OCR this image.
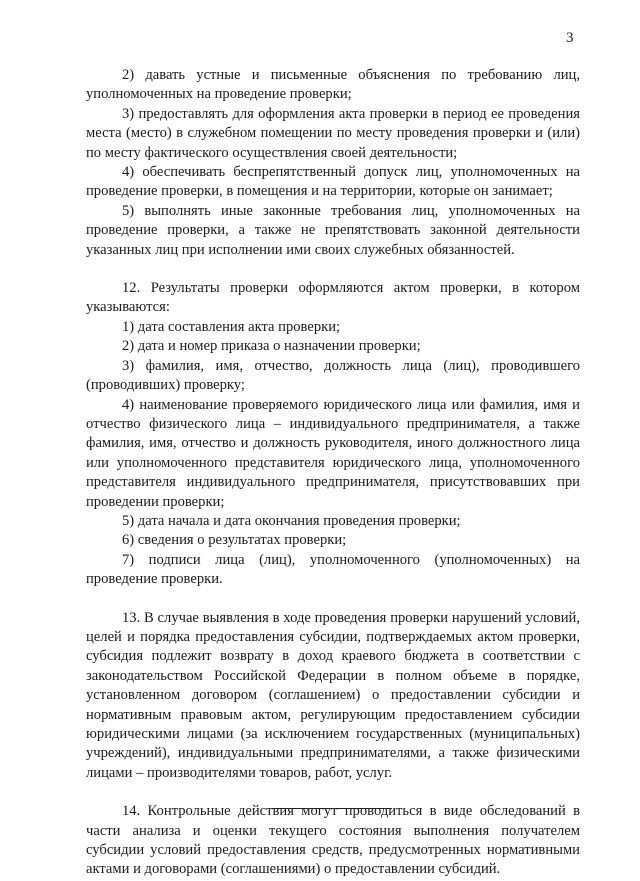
3

2) давать устные и письменные объяснения по требованию лиц, уполномоченных на проведение проверки;

3) предоставлять для оформления акта проверки в период ее проведения места (место) в служебном помещении по месту проведения проверки и (или) по месту фактического осуществления своей деятельности;

4) обеспечивать беспрепятственный допуск лиц, уполномоченных на проведение проверки, в помещения и на территории, которые он занимает;

5) выполнять иные законные требования лиц, уполномоченных на проведение проверки, а также не препятствовать законной деятельности указанных лиц при исполнении ими своих служебных обязанностей.

12. Результаты проверки оформляются актом проверки, в котором указываются:

1) дата составления акта проверки;

2) дата и номер приказа о назначении проверки;

3) фамилия, имя, отчество, должность лица (лиц), проводившего (проводивших) проверку;

4) наименование проверяемого юридического лица или фамилия, имя и отчество физического лица – индивидуального предпринимателя, а также фамилия, имя, отчество и должность руководителя, иного должностного лица или уполномоченного представителя юридического лица, уполномоченного представителя индивидуального предпринимателя, присутствовавших при проведении проверки;

5) дата начала и дата окончания проведения проверки;

6) сведения о результатах проверки;

7) подписи лица (лиц), уполномоченного (уполномоченных) на проведение проверки.

13. В случае выявления в ходе проведения проверки нарушений условий, целей и порядка предоставления субсидии, подтверждаемых актом проверки, субсидия подлежит возврату в доход краевого бюджета в соответствии с законодательством Российской Федерации в полном объеме в порядке, установленном договором (соглашением) о предоставлении субсидии и нормативным правовым актом, регулирующим предоставлением субсидии юридическими лицами (за исключением государственных (муниципальных) учреждений), индивидуальными предпринимателями, а также физическими лицами – производителями товаров, работ, услуг.

14. Контрольные действия могут проводиться в виде обследований в части анализа и оценки текущего состояния выполнения получателем субсидии условий предоставления средств, предусмотренных нормативными актами и договорами (соглашениями) о предоставлении субсидий.
